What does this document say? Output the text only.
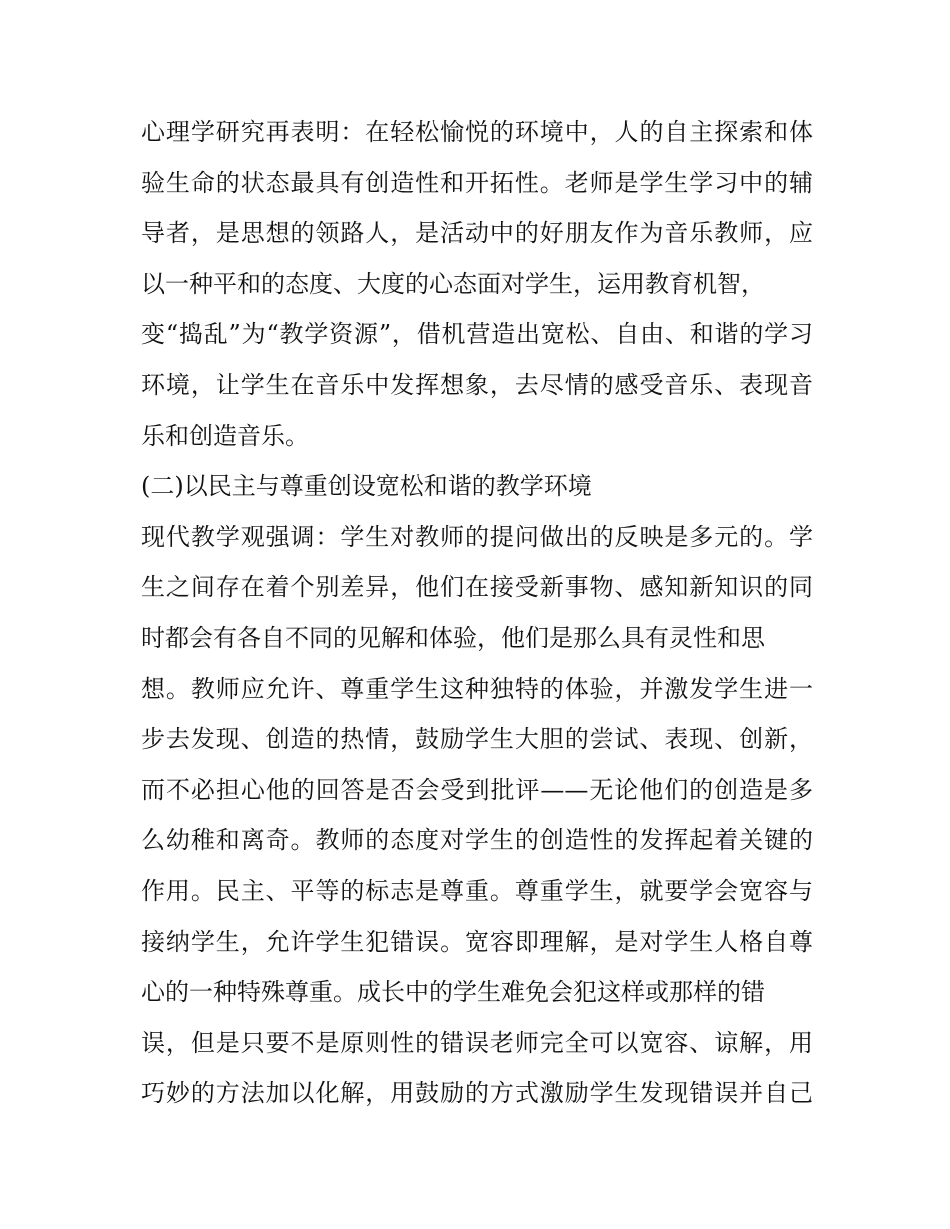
心理学研究再表明：在轻松愉悦的环境中，人的自主探索和体
验生命的状态最具有创造性和开拓性。老师是学生学习中的辅
导者，是思想的领路人，是活动中的好朋友作为音乐教师，应
以一种平和的态度、大度的心态面对学生，运用教育机智，
变“捣乱”为“教学资源”，借机营造出宽松、自由、和谐的学习
环境，让学生在音乐中发挥想象，去尽情的感受音乐、表现音
乐和创造音乐。
(二)以民主与尊重创设宽松和谐的教学环境
现代教学观强调：学生对教师的提问做出的反映是多元的。学
生之间存在着个别差异，他们在接受新事物、感知新知识的同
时都会有各自不同的见解和体验，他们是那么具有灵性和思
想。教师应允许、尊重学生这种独特的体验，并激发学生进一
步去发现、创造的热情，鼓励学生大胆的尝试、表现、创新，
而不必担心他的回答是否会受到批评——无论他们的创造是多
么幼稚和离奇。教师的态度对学生的创造性的发挥起着关键的
作用。民主、平等的标志是尊重。尊重学生，就要学会宽容与
接纳学生，允许学生犯错误。宽容即理解，是对学生人格自尊
心的一种特殊尊重。成长中的学生难免会犯这样或那样的错
误，但是只要不是原则性的错误老师完全可以宽容、谅解，用
巧妙的方法加以化解，用鼓励的方式激励学生发现错误并自己
